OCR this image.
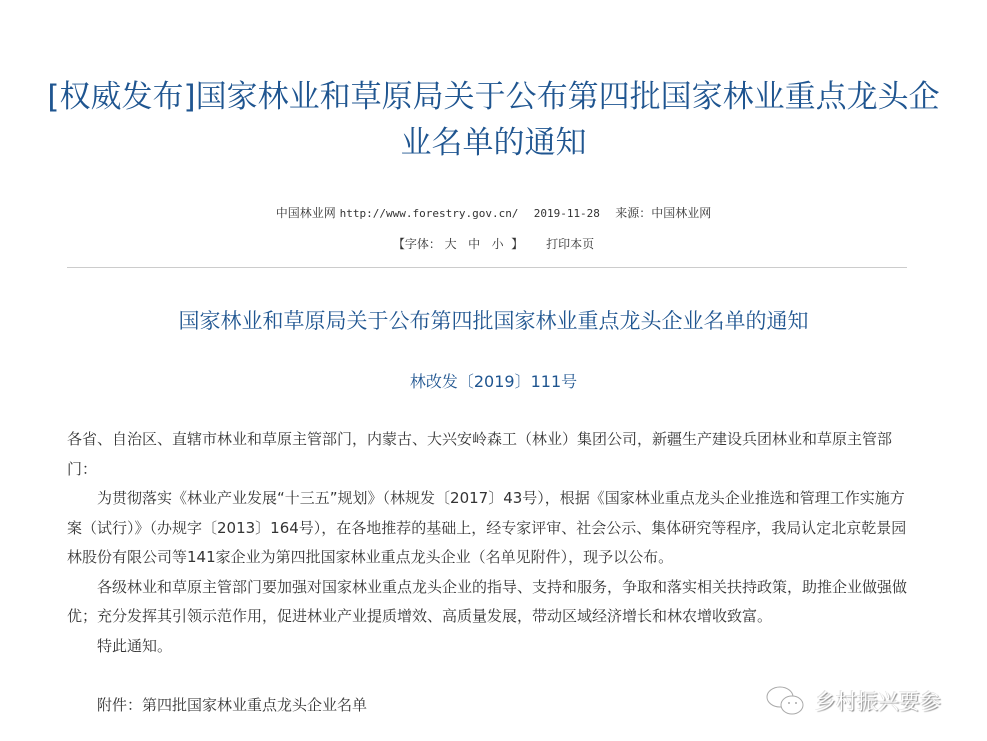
[权威发布]国家林业和草原局关于公布第四批国家林业重点龙头企业名单的通知
中国林业网 http://www.forestry.gov.cn/ 2019-11-28 来源：中国林业网
【字体： 大 中 小 】 打印本页
国家林业和草原局关于公布第四批国家林业重点龙头企业名单的通知
林改发〔2019〕111号

各省、自治区、直辖市林业和草原主管部门，内蒙古、大兴安岭森工（林业）集团公司，新疆生产建设兵团林业和草原主管部门：

为贯彻落实《林业产业发展“十三五”规划》（林规发〔2017〕43号），根据《国家林业重点龙头企业推选和管理工作实施方案（试行）》（办规字〔2013〕164号），在各地推荐的基础上，经专家评审、社会公示、集体研究等程序，我局认定北京乾景园林股份有限公司等141家企业为第四批国家林业重点龙头企业（名单见附件），现予以公布。

各级林业和草原主管部门要加强对国家林业重点龙头企业的指导、支持和服务，争取和落实相关扶持政策，助推企业做强做优；充分发挥其引领示范作用，促进林业产业提质增效、高质量发展，带动区域经济增长和林农增收致富。

特此通知。

附件：第四批国家林业重点龙头企业名单	乡村振兴要参
